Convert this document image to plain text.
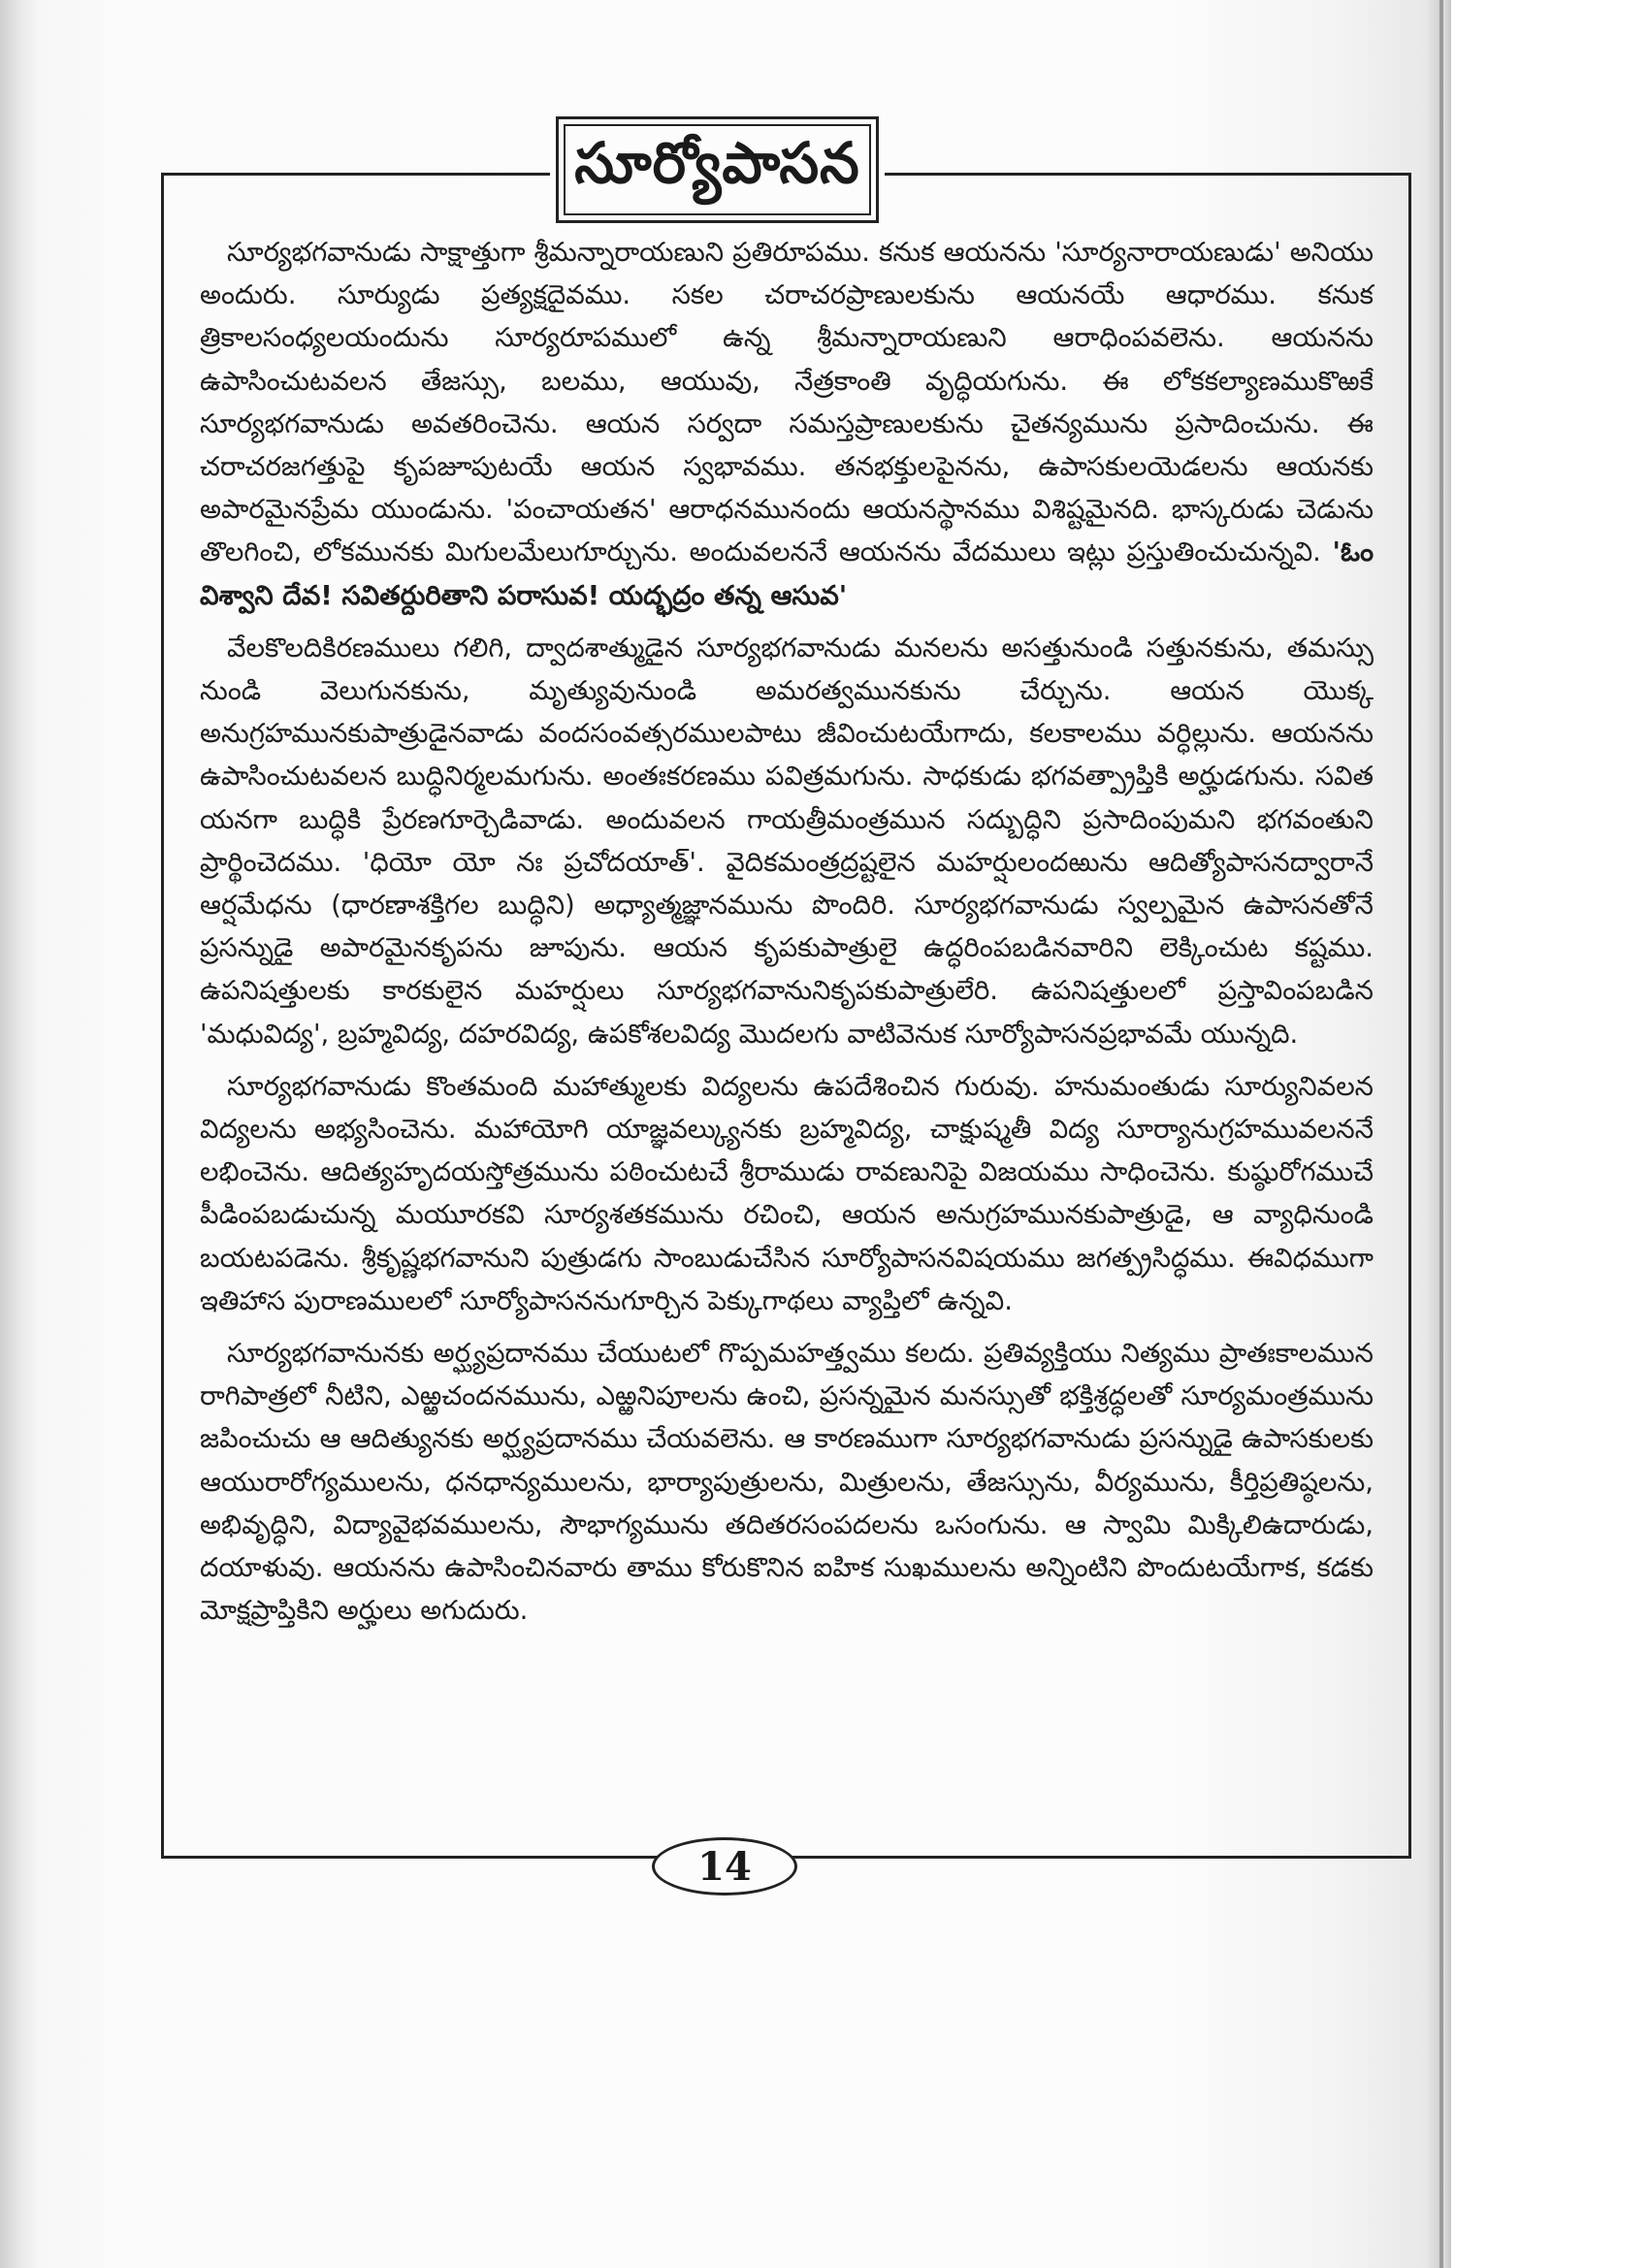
సూర్యోపాసన

సూర్యభగవానుడు సాక్షాత్తుగా శ్రీమన్నారాయణుని ప్రతిరూపము. కనుక ఆయనను 'సూర్యనారాయణుడు' అనియు అందురు. సూర్యుడు ప్రత్యక్షదైవము. సకల చరాచరప్రాణులకును ఆయనయే ఆధారము. కనుక త్రికాలసంధ్యలయందును సూర్యరూపములో ఉన్న శ్రీమన్నారాయణుని ఆరాధింపవలెను. ఆయనను ఉపాసించుటవలన తేజస్సు, బలము, ఆయువు, నేత్రకాంతి వృద్ధియగును. ఈ లోకకల్యాణముకొఱకే సూర్యభగవానుడు అవతరించెను. ఆయన సర్వదా సమస్తప్రాణులకును చైతన్యమును ప్రసాదించును. ఈ చరాచరజగత్తుపై కృపజూపుటయే ఆయన స్వభావము. తనభక్తులపైనను, ఉపాసకులయెడలను ఆయనకు అపారమైనప్రేమ యుండును. 'పంచాయతన' ఆరాధనమునందు ఆయనస్థానము విశిష్టమైనది. భాస్కరుడు చెడును తొలగించి, లోకమునకు మిగులమేలుగూర్చును. అందువలననే ఆయనను వేదములు ఇట్లు ప్రస్తుతించుచున్నవి. 'ఓం విశ్వాని దేవ! సవితర్దురితాని పరాసువ! యద్భద్రం తన్న ఆసువ'

వేలకొలదికిరణములు గలిగి, ద్వాదశాత్ముడైన సూర్యభగవానుడు మనలను అసత్తునుండి సత్తునకును, తమస్సు నుండి వెలుగునకును, మృత్యువునుండి అమరత్వమునకును చేర్చును. ఆయన యొక్క అనుగ్రహమునకుపాత్రుడైనవాడు వందసంవత్సరములపాటు జీవించుటయేగాదు, కలకాలము వర్ధిల్లును. ఆయనను ఉపాసించుటవలన బుద్ధినిర్మలమగును. అంతఃకరణము పవిత్రమగును. సాధకుడు భగవత్ప్రాప్తికి అర్హుడగును. సవిత యనగా బుద్ధికి ప్రేరణగూర్చెడివాడు. అందువలన గాయత్రీమంత్రమున సద్బుద్ధిని ప్రసాదింపుమని భగవంతుని ప్రార్థించెదము. 'ధియో యో నః ప్రచోదయాత్'. వైదికమంత్రద్రష్టలైన మహర్షులందఱును ఆదిత్యోపాసనద్వారానే ఆర్షమేధను (ధారణాశక్తిగల బుద్ధిని) అధ్యాత్మజ్ఞానమును పొందిరి. సూర్యభగవానుడు స్వల్పమైన ఉపాసనతోనే ప్రసన్నుడై అపారమైనకృపను జూపును. ఆయన కృపకుపాత్రులై ఉద్ధరింపబడినవారిని లెక్కించుట కష్టము. ఉపనిషత్తులకు కారకులైన మహర్షులు సూర్యభగవానునికృపకుపాత్రులేరి. ఉపనిషత్తులలో ప్రస్తావింపబడిన 'మధువిద్య', బ్రహ్మవిద్య, దహరవిద్య, ఉపకోశలవిద్య మొదలగు వాటివెనుక సూర్యోపాసనప్రభావమే యున్నది.

సూర్యభగవానుడు కొంతమంది మహాత్ములకు విద్యలను ఉపదేశించిన గురువు. హనుమంతుడు సూర్యునివలన విద్యలను అభ్యసించెను. మహాయోగి యాజ్ఞవల్క్యునకు బ్రహ్మవిద్య, చాక్షుష్మతీ విద్య సూర్యానుగ్రహమువలననే లభించెను. ఆదిత్యహృదయస్తోత్రమును పఠించుటచే శ్రీరాముడు రావణునిపై విజయము సాధించెను. కుష్ఠురోగముచే పీడింపబడుచున్న మయూరకవి సూర్యశతకమును రచించి, ఆయన అనుగ్రహమునకుపాత్రుడై, ఆ వ్యాధినుండి బయటపడెను. శ్రీకృష్ణభగవానుని పుత్రుడగు సాంబుడుచేసిన సూర్యోపాసనవిషయము జగత్ప్రసిద్ధము. ఈవిధముగా ఇతిహాస పురాణములలో సూర్యోపాసననుగూర్చిన పెక్కుగాథలు వ్యాప్తిలో ఉన్నవి.

సూర్యభగవానునకు అర్ఘ్యప్రదానము చేయుటలో గొప్పమహత్త్వము కలదు. ప్రతివ్యక్తియు నిత్యము ప్రాతఃకాలమున రాగిపాత్రలో నీటిని, ఎఱ్ఱచందనమును, ఎఱ్ఱనిపూలను ఉంచి, ప్రసన్నమైన మనస్సుతో భక్తిశ్రద్ధలతో సూర్యమంత్రమును జపించుచు ఆ ఆదిత్యునకు అర్ఘ్యప్రదానము చేయవలెను. ఆ కారణముగా సూర్యభగవానుడు ప్రసన్నుడై ఉపాసకులకు ఆయురారోగ్యములను, ధనధాన్యములను, భార్యాపుత్రులను, మిత్రులను, తేజస్సును, వీర్యమును, కీర్తిప్రతిష్ఠలను, అభివృద్ధిని, విద్యావైభవములను, సౌభాగ్యమును తదితరసంపదలను ఒసంగును. ఆ స్వామి మిక్కిలిఉదారుడు, దయాళువు. ఆయనను ఉపాసించినవారు తాము కోరుకొనిన ఐహిక సుఖములను అన్నింటిని పొందుటయేగాక, కడకు మోక్షప్రాప్తికిని అర్హులు అగుదురు.

14
